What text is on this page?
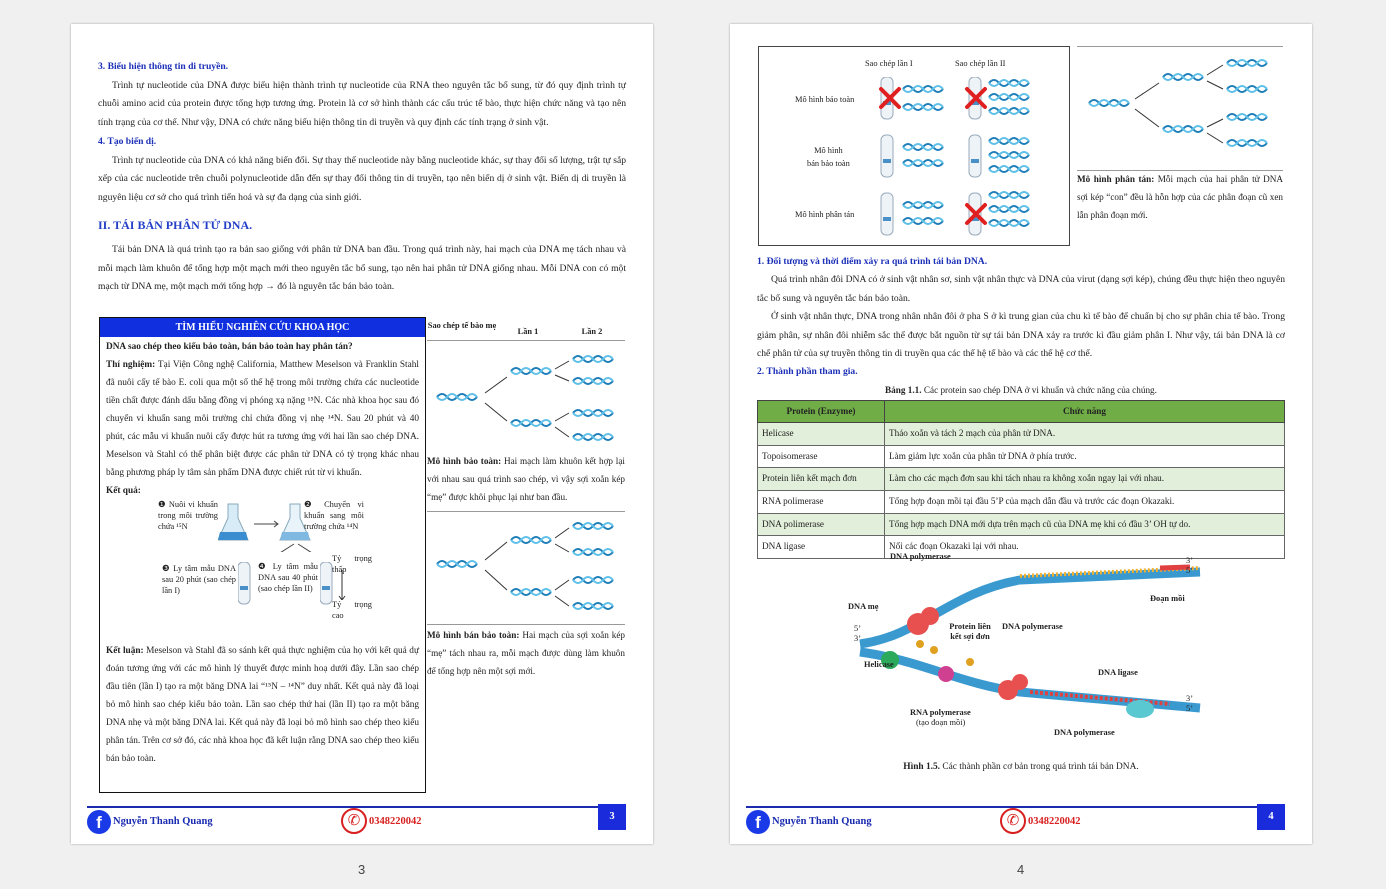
3. Biểu hiện thông tin di truyền.

Trình tự nucleotide của DNA được biểu hiện thành trình tự nucleotide của RNA theo nguyên tắc bổ sung, từ đó quy định trình tự chuỗi amino acid của protein được tổng hợp tương ứng. Protein là cơ sở hình thành các cấu trúc tế bào, thực hiện chức năng và tạo nên tính trạng của cơ thể. Như vậy, DNA có chức năng biểu hiện thông tin di truyền và quy định các tính trạng ở sinh vật.

4. Tạo biến dị.

Trình tự nucleotide của DNA có khả năng biến đổi. Sự thay thế nucleotide này bằng nucleotide khác, sự thay đổi số lượng, trật tự sắp xếp của các nucleotide trên chuỗi polynucleotide dẫn đến sự thay đổi thông tin di truyền, tạo nên biến dị ở sinh vật. Biến dị di truyền là nguyên liệu cơ sở cho quá trình tiến hoá và sự đa dạng của sinh giới.

II. TÁI BẢN PHÂN TỬ DNA.

Tái bản DNA là quá trình tạo ra bản sao giống với phân tử DNA ban đầu. Trong quá trình này, hai mạch của DNA mẹ tách nhau và mỗi mạch làm khuôn để tổng hợp một mạch mới theo nguyên tắc bổ sung, tạo nên hai phân tử DNA giống nhau. Mỗi DNA con có một mạch từ DNA mẹ, một mạch mới tổng hợp → đó là nguyên tắc bán bảo toàn.

TÌM HIỂU NGHIÊN CỨU KHOA HỌC
DNA sao chép theo kiểu bảo toàn, bán bảo toàn hay phân tán?
Thí nghiệm: Tại Viện Công nghệ California, Matthew Meselson và Franklin Stahl đã nuôi cấy tế bào E. coli qua một số thế hệ trong môi trường chứa các nucleotide tiền chất được đánh dấu bằng đồng vị phóng xạ nặng ¹⁵N. Các nhà khoa học sau đó chuyển vi khuẩn sang môi trường chỉ chứa đồng vị nhẹ ¹⁴N. Sau 20 phút và 40 phút, các mẫu vi khuẩn nuôi cấy được hút ra tương ứng với hai lần sao chép DNA. Meselson và Stahl có thể phân biệt được các phân tử DNA có tỷ trọng khác nhau bằng phương pháp ly tâm sản phẩm DNA được chiết rút từ vi khuẩn.
Kết quả:
❶ Nuôi vi khuẩn trong môi trường chứa ¹⁵N
❷ Chuyển vi khuẩn sang môi trường chứa ¹⁴N
❸ Ly tâm mẫu DNA sau 20 phút (sao chép lần I)
❹ Ly tâm mẫu DNA sau 40 phút (sao chép lần II)
Tỷ trọng thấp
Tỷ trọng cao
Kết luận: Meselson và Stahl đã so sánh kết quả thực nghiệm của họ với kết quả dự đoán tương ứng với các mô hình lý thuyết được minh hoạ dưới đây. Lần sao chép đầu tiên (lần I) tạo ra một băng DNA lai “¹⁵N – ¹⁴N” duy nhất. Kết quả này đã loại bỏ mô hình sao chép kiểu bảo toàn. Lần sao chép thứ hai (lần II) tạo ra một băng DNA nhẹ và một băng DNA lai. Kết quả này đã loại bỏ mô hình sao chép theo kiểu phân tán. Trên cơ sở đó, các nhà khoa học đã kết luận rằng DNA sao chép theo kiểu bán bảo toàn.
Sao chép tế bào mẹ
Lần 1	Lần 2
Mô hình bảo toàn: Hai mạch làm khuôn kết hợp lại với nhau sau quá trình sao chép, vì vậy sợi xoắn kép “mẹ” được khôi phục lại như ban đầu.
Mô hình bán bảo toàn: Hai mạch của sợi xoắn kép “mẹ” tách nhau ra, mỗi mạch được dùng làm khuôn để tổng hợp nên một sợi mới.
f	Nguyễn Thanh Quang	✆ 0348220042	3
3
Sao chép lần I	Sao chép lần II
Mô hình bảo toàn
Mô hình
bán bảo toàn
Mô hình phân tán
Mô hình phân tán: Mỗi mạch của hai phân tử DNA sợi kép “con” đều là hỗn hợp của các phân đoạn cũ xen lẫn phân đoạn mới.
1. Đối tượng và thời điểm xảy ra quá trình tái bản DNA.

Quá trình nhân đôi DNA có ở sinh vật nhân sơ, sinh vật nhân thực và DNA của virut (dạng sợi kép), chúng đều thực hiện theo nguyên tắc bổ sung và nguyên tắc bán bảo toàn.

Ở sinh vật nhân thực, DNA trong nhân nhân đôi ở pha S ở kì trung gian của chu kì tế bào để chuẩn bị cho sự phân chia tế bào. Trong giảm phân, sự nhân đôi nhiễm sắc thể được bắt nguồn từ sự tái bản DNA xảy ra trước kì đầu giảm phân I. Như vậy, tái bản DNA là cơ chế phân tử của sự truyền thông tin di truyền qua các thế hệ tế bào và các thế hệ cơ thể.

2. Thành phần tham gia.
Bảng 1.1. Các protein sao chép DNA ở vi khuẩn và chức năng của chúng.
Protein (Enzyme)	Chức năng
Helicase	Tháo xoắn và tách 2 mạch của phân tử DNA.
Topoisomerase	Làm giảm lực xoắn của phân tử DNA ở phía trước.
Protein liên kết mạch đơn	Làm cho các mạch đơn sau khi tách nhau ra không xoắn ngay lại với nhau.
RNA polimerase	Tổng hợp đoạn mồi tại đầu 5’P của mạch dẫn đầu và trước các đoạn Okazaki.
DNA polimerase	Tổng hợp mạch DNA mới dựa trên mạch cũ của DNA mẹ khi có đầu 3’ OH tự do.
DNA ligase	Nối các đoạn Okazaki lại với nhau.
DNA polymerase
DNA mẹ
Đoạn mồi
Protein liên kết sợi đơn
DNA polymerase
Helicase
DNA ligase
RNA polymerase
(tạo đoạn mồi)
DNA polymerase
3’
5’
5’
3’
3’
5’
Hình 1.5. Các thành phần cơ bản trong quá trình tái bản DNA.
f	Nguyễn Thanh Quang	✆ 0348220042	4
4
